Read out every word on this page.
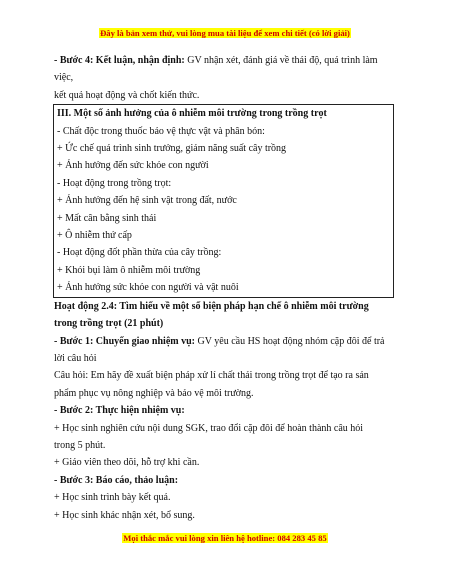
Đây là bản xem thử, vui lòng mua tài liệu để xem chi tiết (có lời giải)
- Bước 4: Kết luận, nhận định: GV nhận xét, đánh giá về thái độ, quá trình làm
việc,
kết quả hoạt động và chốt kiến thức.
III. Một số ảnh hưởng của ô nhiễm môi trường trong trồng trọt
- Chất độc trong thuốc bảo vệ thực vật và phân bón:
+ Ức chế quá trình sinh trưởng, giảm năng suất cây trồng
+ Ảnh hưởng đến sức khỏe con người
- Hoạt động trong trồng trọt:
+ Ảnh hưởng đến hệ sinh vật trong đất, nước
+ Mất cân bằng sinh thái
+ Ô nhiễm thứ cấp
- Hoạt động đốt phần thừa của cây trồng:
+ Khói bụi làm ô nhiễm môi trường
+ Ảnh hưởng sức khỏe con người và vật nuôi
Hoạt động 2.4: Tìm hiểu về một số biện pháp hạn chế ô nhiễm môi trường
trong trồng trọt (21 phút)
- Bước 1: Chuyển giao nhiệm vụ: GV yêu cầu HS hoạt động nhóm cặp đôi để trả
lời câu hỏi
Câu hỏi: Em hãy đề xuất biện pháp xử lí chất thải trong trồng trọt để tạo ra sản
phẩm phục vụ nông nghiệp và bảo vệ môi trường.
- Bước 2: Thực hiện nhiệm vụ:
+ Học sinh nghiên cứu nội dung SGK, trao đổi cặp đôi để hoàn thành câu hỏi
trong 5 phút.
+ Giáo viên theo dõi, hỗ trợ khi cần.
- Bước 3: Báo cáo, thảo luận:
+ Học sinh trình bày kết quả.
+ Học sinh khác nhận xét, bổ sung.
Mọi thắc mắc vui lòng xin liên hệ hotline: 084 283 45 85
